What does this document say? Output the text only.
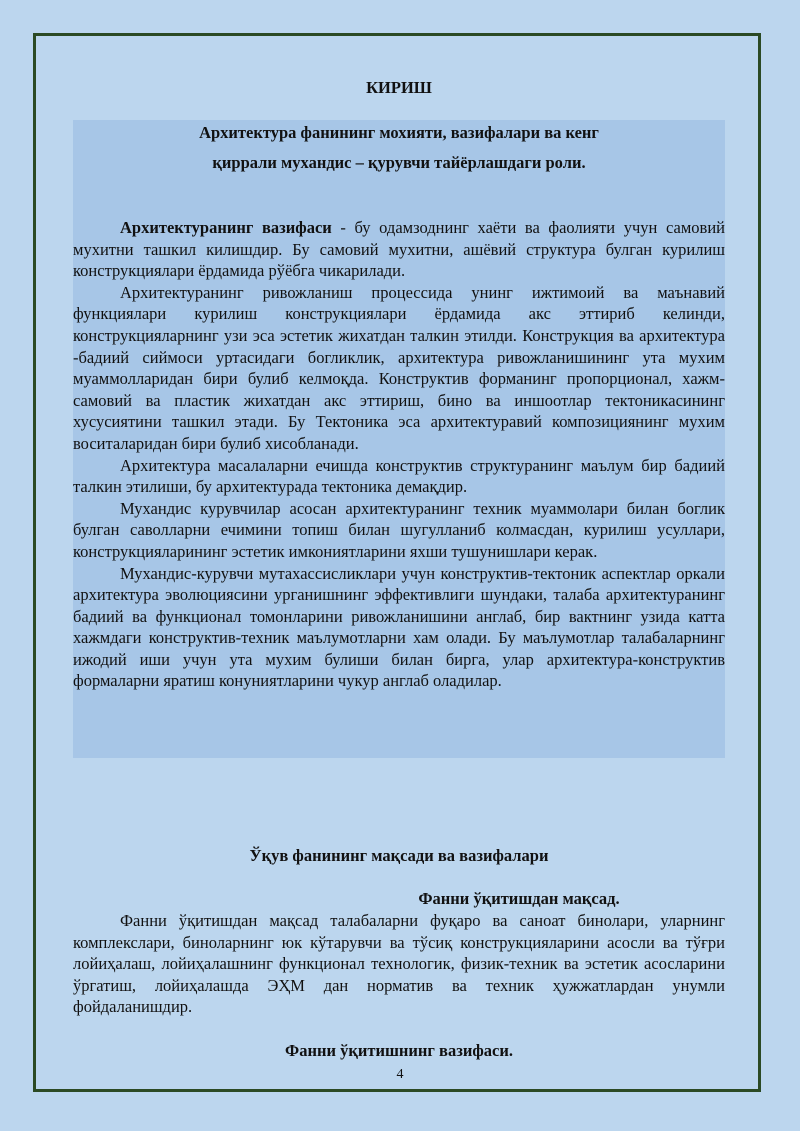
КИРИШ
Архитектура фанининг мохияти, вазифалари ва кенг
қиррали мухандис – қурувчи тайёрлашдаги роли.

Архитектуранинг вазифаси - бу одамзоднинг хаёти ва фаолияти учун самовий мухитни ташкил килишдир. Бу самовий мухитни, ашёвий структура булган курилиш конструкциялари ёрдамида рўёбга чикарилади.

Архитектуранинг ривожланиш процессида унинг ижтимоий ва маънавий функциялари курилиш конструкциялари ёрдамида акс эттириб келинди, конструкцияларнинг узи эса эстетик жихатдан талкин этилди. Конструкция ва архитектура -бадиий сиймоси уртасидаги богликлик, архитектура ривожланишининг ута мухим муаммолларидан бири булиб келмоқда. Конструктив форманинг пропорционал, хажм-самовий ва пластик жихатдан акс эттириш, бино ва иншоотлар тектоникасининг хусусиятини ташкил этади. Бу Тектоника эса архитектуравий композициянинг мухим воситаларидан бири булиб хисобланади.

Архитектура масалаларни ечишда конструктив структуранинг маълум бир бадиий талкин этилиши, бу архитектурада тектоника демақдир.

Мухандис курувчилар асосан архитектуранинг техник муаммолари билан боглик булган саволларни ечимини топиш билан шугулланиб колмасдан, курилиш усуллари, конструкцияларининг эстетик имкониятларини яхши тушунишлари керак.

Мухандис-курувчи мутахассисликлари учун конструктив-тектоник аспектлар оркали архитектура эволюциясини урганишнинг эффективлиги шундаки, талаба архитектуранинг бадиий ва функционал томонларини ривожланишини англаб, бир вактнинг узида катта хажмдаги конструктив-техник маълумотларни хам олади. Бу маълумотлар талабаларнинг ижодий иши учун ута мухим булиши билан бирга, улар архитектура-конструктив формаларни яратиш конуниятларини чукур англаб оладилар.

Ўқув фанининг мақсади ва вазифалари
Фанни ўқитишдан мақсад.

Фанни ўқитишдан мақсад талабаларни фуқаро ва саноат бинолари, уларнинг комплекслари, биноларнинг юк кўтарувчи ва тўсиқ конструкцияларини асосли ва тўғри лойиҳалаш, лойиҳалашнинг функционал технологик, физик-техник ва эстетик асосларини ўргатиш, лойиҳалашда ЭҲМ дан норматив ва техник ҳужжатлардан унумли фойдаланишдир.

Фанни ўқитишнинг вазифаси.
4
